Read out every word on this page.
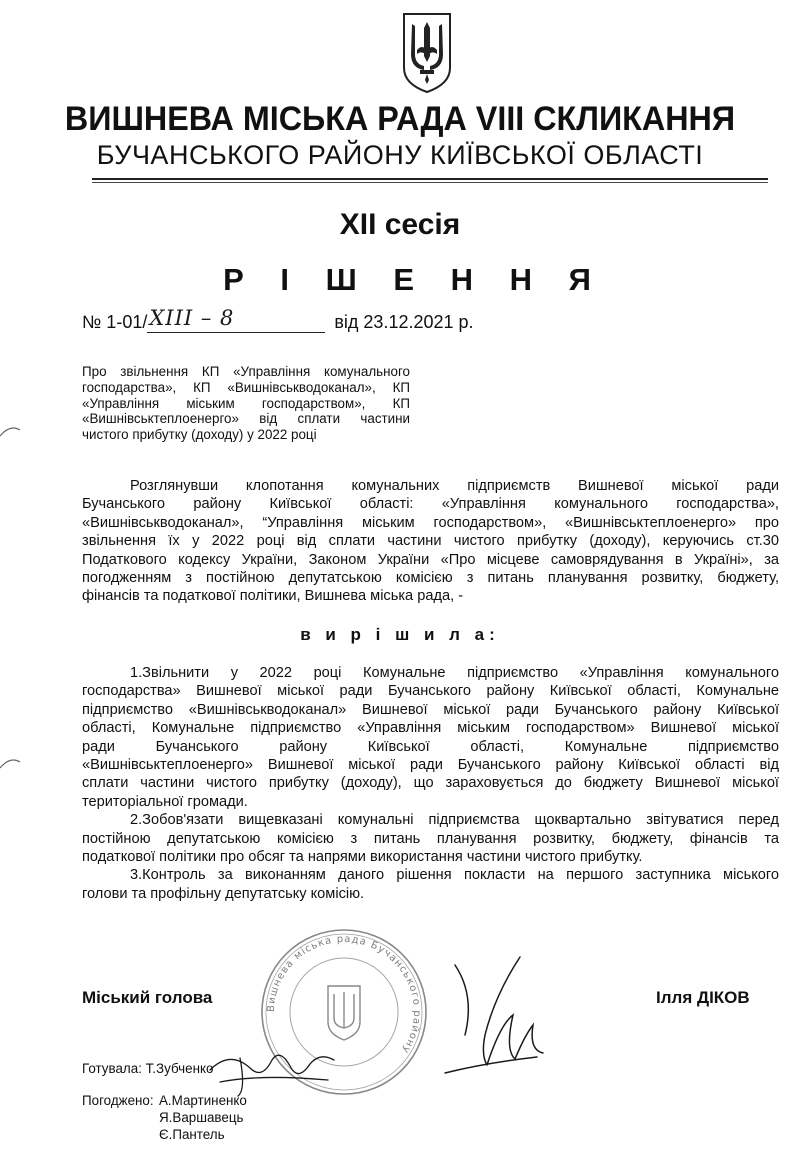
ВИШНЕВА МІСЬКА РАДА VIII СКЛИКАННЯ
БУЧАНСЬКОГО РАЙОНУ КИЇВСЬКОЇ ОБЛАСТІ
XII сесія
Р І Ш Е Н Н Я
№ 1-01/ XIIІ – 8	від 23.12.2021 р.
Про звільнення КП «Управління комунального
господарства», КП «Вишнівськводоканал», КП
«Управління міським господарством», КП
«Вишнівськтеплоенерго» від сплати частини
чистого прибутку (доходу) у 2022 році
Розглянувши клопотання комунальних підприємств Вишневої міської ради
Бучанського району Київської області: «Управління комунального господарства»,
«Вишнівськводоканал», “Управління міським господарством», «Вишнівськтеплоенерго» про
звільнення їх у 2022 році від сплати частини чистого прибутку (доходу), керуючись ст.30
Податкового кодексу України, Законом України «Про місцеве самоврядування в Україні», за
погодженням з постійною депутатською комісією з питань планування розвитку, бюджету,
фінансів та податкової політики, Вишнева міська рада, -
в и р і ш и л а:
1.Звільнити у 2022 році Комунальне підприємство «Управління комунального
господарства» Вишневої міської ради Бучанського району Київської області, Комунальне
підприємство «Вишнівськводоканал» Вишневої міської ради Бучанського району Київської
області, Комунальне підприємство «Управління міським господарством» Вишневої міської
ради Бучанського району Київської області, Комунальне підприємство
«Вишнівськтеплоенерго» Вишневої міської ради Бучанського району Київської області від
сплати частини чистого прибутку (доходу), що зараховується до бюджету Вишневої міської
територіальної громади.
2.Зобов'язати вищевказані комунальні підприємства щоквартально звітуватися перед
постійною депутатською комісією з питань планування розвитку, бюджету, фінансів та
податкової політики про обсяг та напрями використання частини чистого прибутку.
3.Контроль за виконанням даного рішення покласти на першого заступника міського
голови та профільну депутатську комісію.
Вишнева міська рада Бучанського району
Міський голова	Ілля ДІКОВ
Готувала: Т.Зубченко
Погоджено: А.Мартиненко
Я.Варшавець
Є.Пантель
